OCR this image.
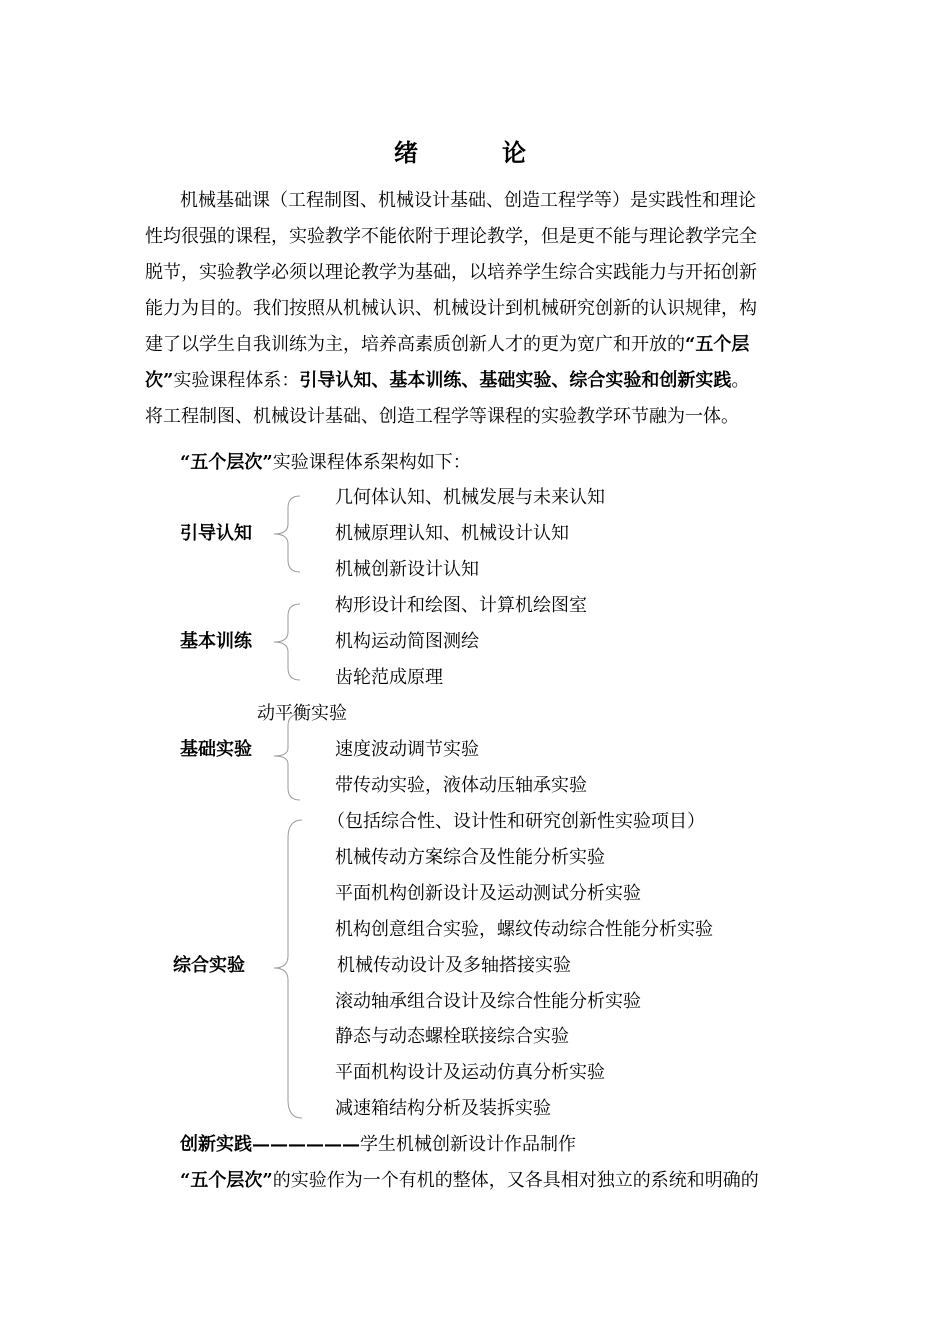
绪　论
机械基础课（工程制图、机械设计基础、创造工程学等）是实践性和理论
性均很强的课程，实验教学不能依附于理论教学，但是更不能与理论教学完全
脱节，实验教学必须以理论教学为基础，以培养学生综合实践能力与开拓创新
能力为目的。我们按照从机械认识、机械设计到机械研究创新的认识规律，构
建了以学生自我训练为主，培养高素质创新人才的更为宽广和开放的“五个层
次”实验课程体系：引导认知、基本训练、基础实验、综合实验和创新实践。
将工程制图、机械设计基础、创造工程学等课程的实验教学环节融为一体。
“五个层次”实验课程体系架构如下：
引导认知
几何体认知、机械发展与未来认知
机械原理认知、机械设计认知
机械创新设计认知
基本训练
构形设计和绘图、计算机绘图室
机构运动简图测绘
齿轮范成原理
基础实验
动平衡实验
速度波动调节实验
带传动实验，液体动压轴承实验
综合实验
（包括综合性、设计性和研究创新性实验项目）
机械传动方案综合及性能分析实验
平面机构创新设计及运动测试分析实验
机构创意组合实验，螺纹传动综合性能分析实验
机械传动设计及多轴搭接实验
滚动轴承组合设计及综合性能分析实验
静态与动态螺栓联接综合实验
平面机构设计及运动仿真分析实验
减速箱结构分析及装拆实验
创新实践——————学生机械创新设计作品制作
“五个层次”的实验作为一个有机的整体，又各具相对独立的系统和明确的
